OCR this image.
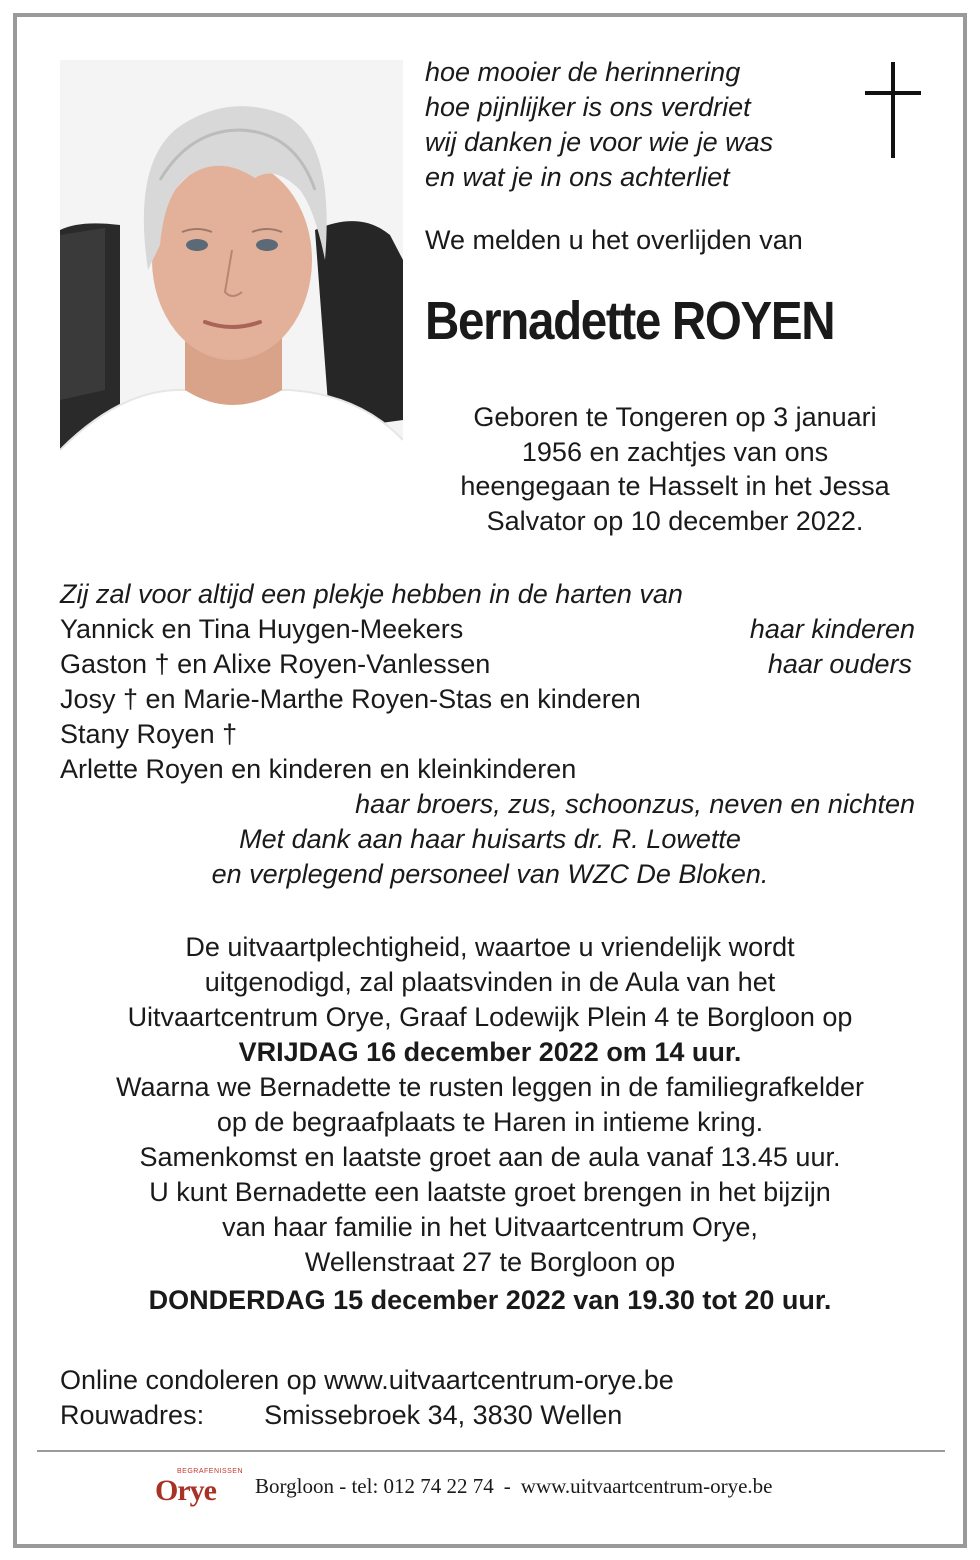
hoe mooier de herinnering
hoe pijnlijker is ons verdriet
wij danken je voor wie je was
en wat je in ons achterliet
We melden u het overlijden van
Bernadette ROYEN
Geboren te Tongeren op 3 januari
1956 en zachtjes van ons
heengegaan te Hasselt in het Jessa
Salvator op 10 december 2022.
Zij zal voor altijd een plekje hebben in de harten van
Yannick en Tina Huygen-Meekers	haar kinderen
Gaston † en Alixe Royen-Vanlessen	haar ouders
Josy † en Marie-Marthe Royen-Stas en kinderen
Stany Royen †
Arlette Royen en kinderen en kleinkinderen
haar broers, zus, schoonzus, neven en nichten
Met dank aan haar huisarts dr. R. Lowette
en verplegend personeel van WZC De Bloken.
De uitvaartplechtigheid, waartoe u vriendelijk wordt
uitgenodigd, zal plaatsvinden in de Aula van het
Uitvaartcentrum Orye, Graaf Lodewijk Plein 4 te Borgloon op
VRIJDAG 16 december 2022 om 14 uur.
Waarna we Bernadette te rusten leggen in de familiegrafkelder
op de begraafplaats te Haren in intieme kring.
Samenkomst en laatste groet aan de aula vanaf 13.45 uur.
U kunt Bernadette een laatste groet brengen in het bijzijn
van haar familie in het Uitvaartcentrum Orye,
Wellenstraat 27 te Borgloon op
DONDERDAG 15 december 2022 van 19.30 tot 20 uur.
Online condoleren op www.uitvaartcentrum-orye.be
Rouwadres: Smissebroek 34, 3830 Wellen
BEGRAFENISSEN
Orye Borgloon - tel: 012 74 22 74 - www.uitvaartcentrum-orye.be
